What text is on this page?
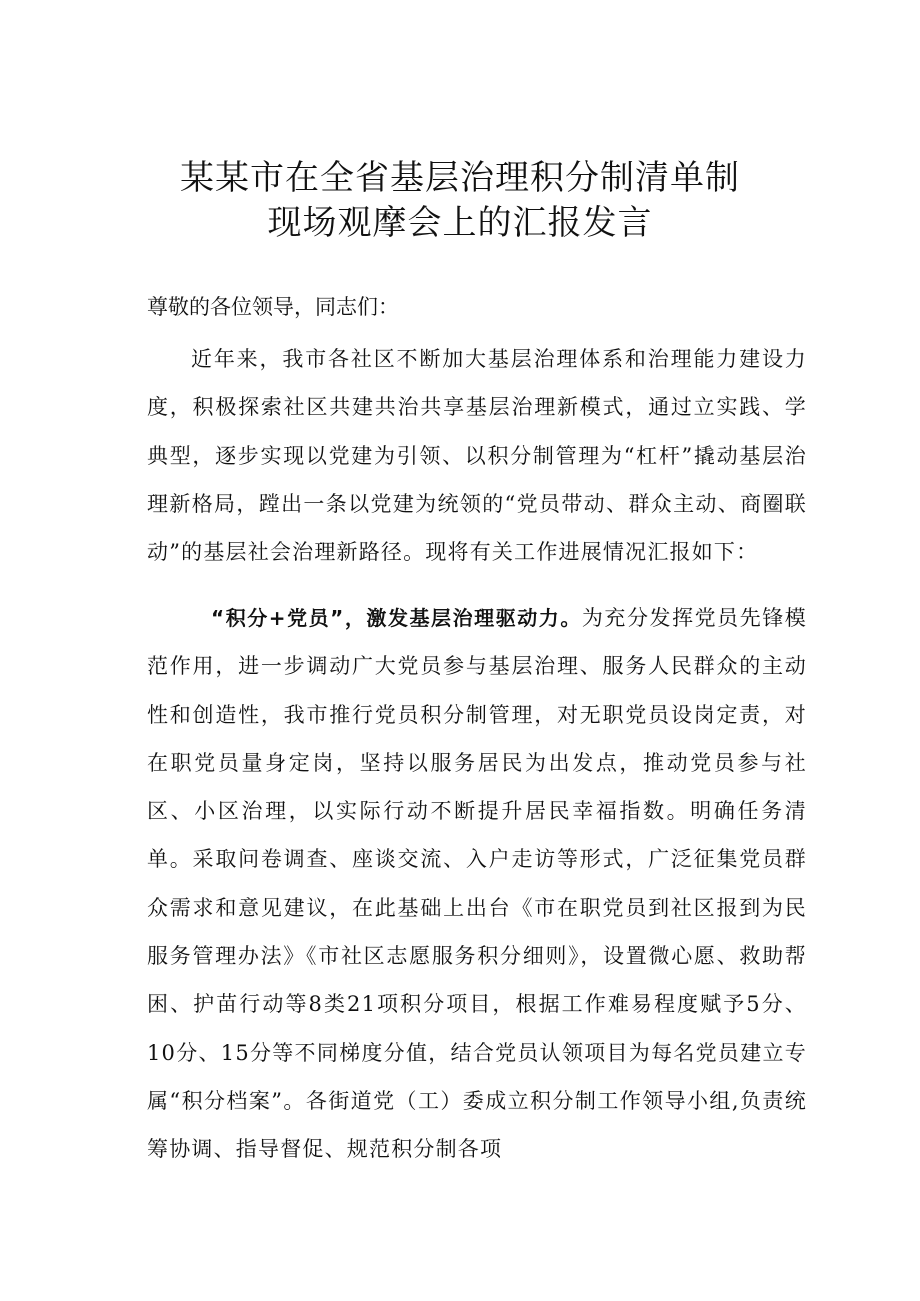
某某市在全省基层治理积分制清单制
现场观摩会上的汇报发言
尊敬的各位领导，同志们：

近年来，我市各社区不断加大基层治理体系和治理能力建设力度，积极探索社区共建共治共享基层治理新模式，通过立实践、学典型，逐步实现以党建为引领、以积分制管理为“杠杆”撬动基层治理新格局，蹚出一条以党建为统领的“党员带动、群众主动、商圈联动”的基层社会治理新路径。现将有关工作进展情况汇报如下：

“积分+党员”，激发基层治理驱动力。为充分发挥党员先锋模范作用，进一步调动广大党员参与基层治理、服务人民群众的主动性和创造性，我市推行党员积分制管理，对无职党员设岗定责，对在职党员量身定岗，坚持以服务居民为出发点，推动党员参与社区、小区治理，以实际行动不断提升居民幸福指数。明确任务清单。采取问卷调查、座谈交流、入户走访等形式，广泛征集党员群众需求和意见建议，在此基础上出台《市在职党员到社区报到为民服务管理办法》《市社区志愿服务积分细则》，设置微心愿、救助帮困、护苗行动等8类21项积分项目，根据工作难易程度赋予5分、10分、15分等不同梯度分值，结合党员认领项目为每名党员建立专属“积分档案”。各街道党（工）委成立积分制工作领导小组,负责统筹协调、指导督促、规范积分制各项
